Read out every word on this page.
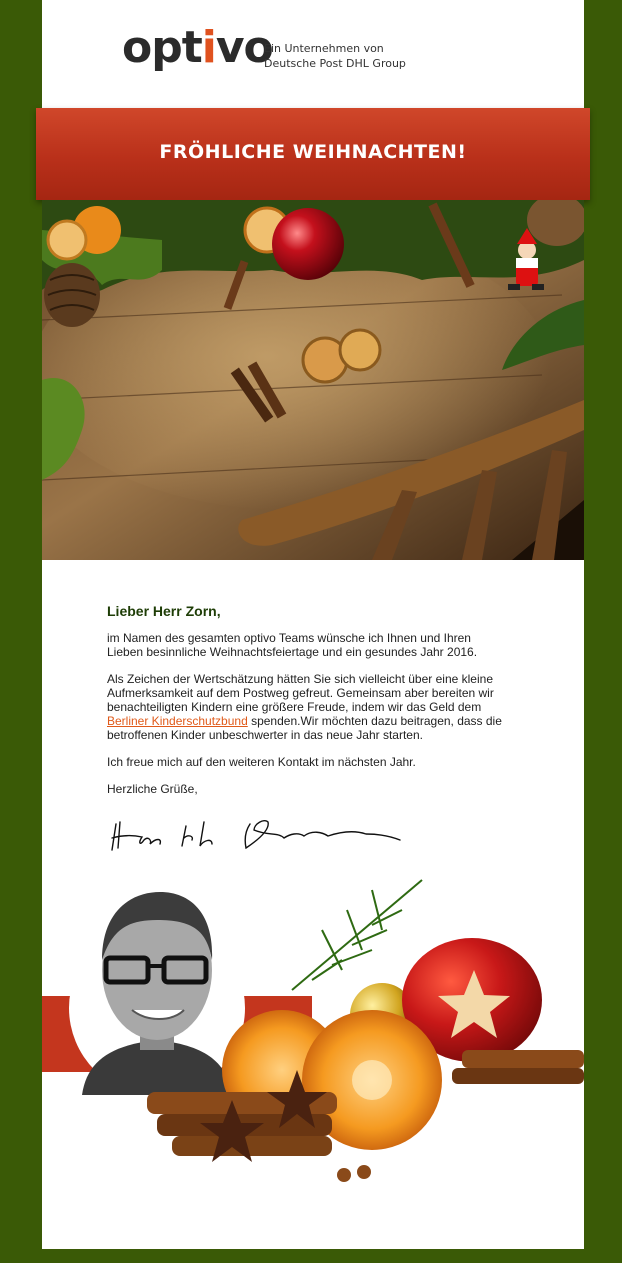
optivo
Ein Unternehmen von
Deutsche Post DHL Group
FRÖHLICHE WEIHNACHTEN!

Lieber Herr Zorn,

im Namen des gesamten optivo Teams wünsche ich Ihnen und Ihren Lieben besinnliche Weihnachtsfeiertage und ein gesundes Jahr 2016.

Als Zeichen der Wertschätzung hätten Sie sich vielleicht über eine kleine Aufmerksamkeit auf dem Postweg gefreut. Gemeinsam aber bereiten wir benachteiligten Kindern eine größere Freude, indem wir das Geld dem Berliner Kinderschutzbund spenden.Wir möchten dazu beitragen, dass die betroffenen Kinder unbeschwerter in das neue Jahr starten.

Ich freue mich auf den weiteren Kontakt im nächsten Jahr.

Herzliche Grüße,
